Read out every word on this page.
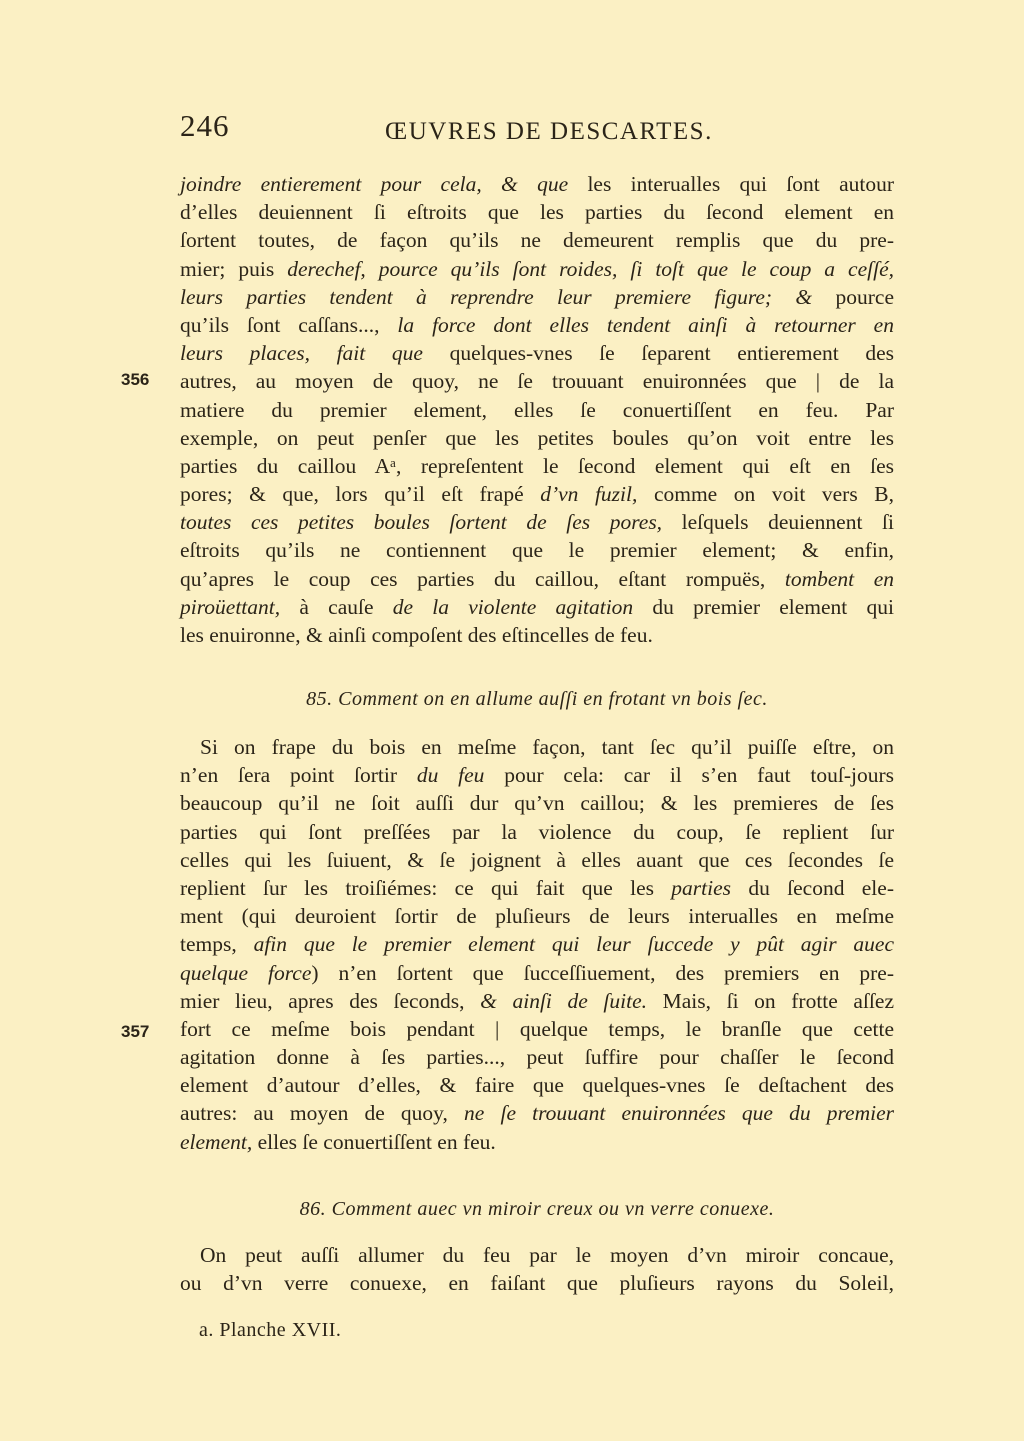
246	ŒUVRES DE DESCARTES.
joindre entierement pour cela, & que les interualles qui ſont autour
d’elles deuiennent ſi eſtroits que les parties du ſecond element en
ſortent toutes, de façon qu’ils ne demeurent remplis que du pre-
mier; puis derechef, pource qu’ils ſont roides, ſi toſt que le coup a ceſſé,
leurs parties tendent à reprendre leur premiere figure; & pource
qu’ils ſont caſſans..., la force dont elles tendent ainſi à retourner en
leurs places, fait que quelques-vnes ſe ſeparent entierement des
autres, au moyen de quoy, ne ſe trouuant enuironnées que | de la
matiere du premier element, elles ſe conuertiſſent en feu. Par
exemple, on peut penſer que les petites boules qu’on voit entre les
parties du caillou Aᵃ, repreſentent le ſecond element qui eſt en ſes
pores; & que, lors qu’il eſt frapé d’vn fuzil, comme on voit vers B,
toutes ces petites boules ſortent de ſes pores, leſquels deuiennent ſi
eſtroits qu’ils ne contiennent que le premier element; & enfin,
qu’apres le coup ces parties du caillou, eſtant rompuës, tombent en
piroüettant, à cauſe de la violente agitation du premier element qui
les enuironne, & ainſi compoſent des eſtincelles de feu.
356
85. Comment on en allume auſſi en frotant vn bois ſec.
Si on frape du bois en meſme façon, tant ſec qu’il puiſſe eſtre, on
n’en ſera point ſortir du feu pour cela: car il s’en faut touſ-jours
beaucoup qu’il ne ſoit auſſi dur qu’vn caillou; & les premieres de ſes
parties qui ſont preſſées par la violence du coup, ſe replient ſur
celles qui les ſuiuent, & ſe joignent à elles auant que ces ſecondes ſe
replient ſur les troiſiémes: ce qui fait que les parties du ſecond ele-
ment (qui deuroient ſortir de pluſieurs de leurs interualles en meſme
temps, afin que le premier element qui leur ſuccede y pût agir auec
quelque force) n’en ſortent que ſucceſſiuement, des premiers en pre-
mier lieu, apres des ſeconds, & ainſi de ſuite. Mais, ſi on frotte aſſez
fort ce meſme bois pendant | quelque temps, le branſle que cette
agitation donne à ſes parties..., peut ſuffire pour chaſſer le ſecond
element d’autour d’elles, & faire que quelques-vnes ſe deſtachent des
autres: au moyen de quoy, ne ſe trouuant enuironnées que du premier
element, elles ſe conuertiſſent en feu.
357
86. Comment auec vn miroir creux ou vn verre conuexe.
On peut auſſi allumer du feu par le moyen d’vn miroir concaue,
ou d’vn verre conuexe, en faiſant que pluſieurs rayons du Soleil,
a. Planche XVII.
